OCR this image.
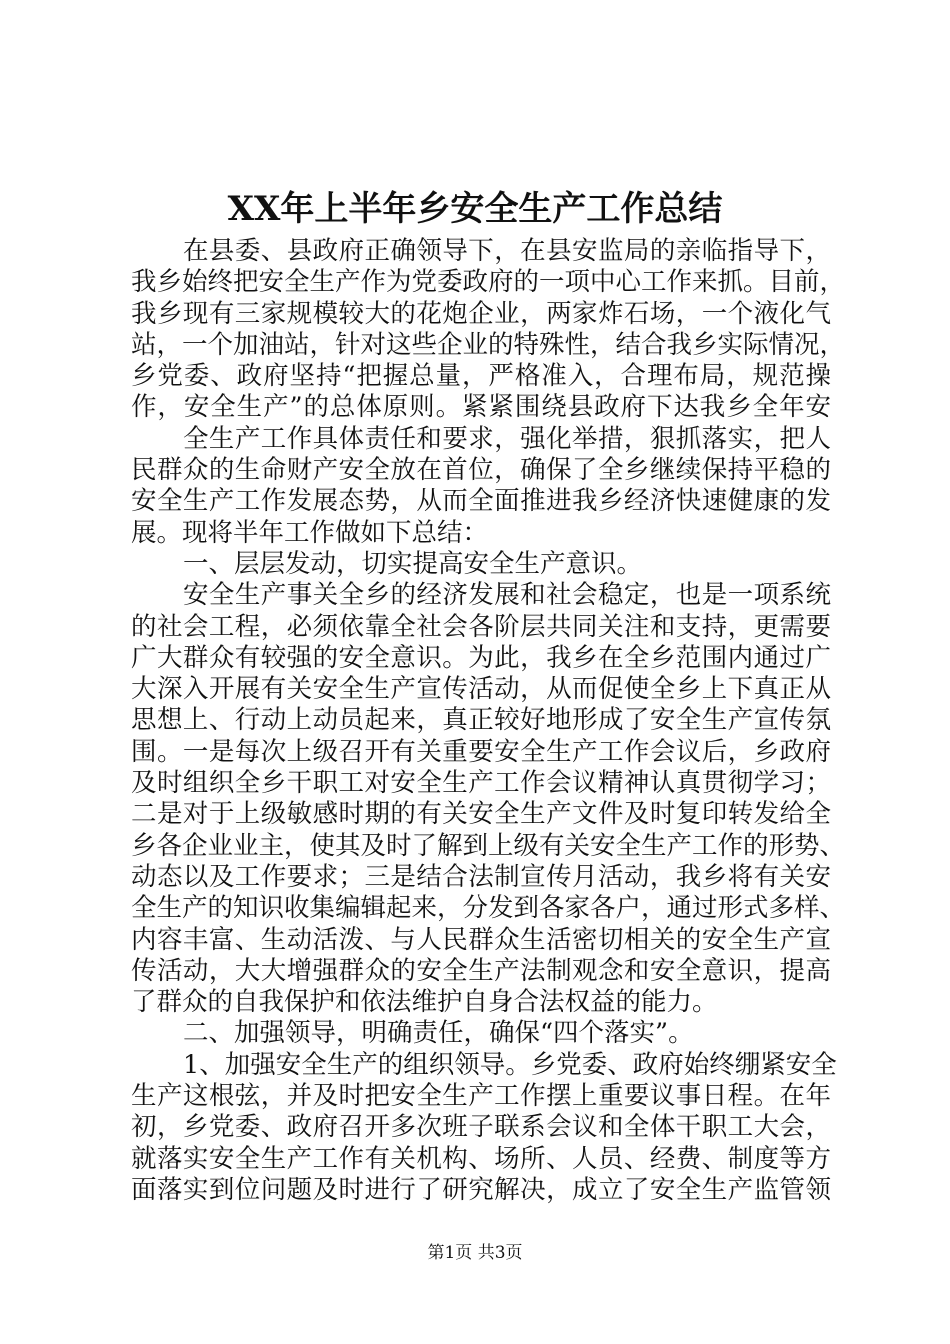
XX年上半年乡安全生产工作总结
在县委、县政府正确领导下，在县安监局的亲临指导下，
我乡始终把安全生产作为党委政府的一项中心工作来抓。目前，
我乡现有三家规模较大的花炮企业，两家炸石场，一个液化气
站，一个加油站，针对这些企业的特殊性，结合我乡实际情况，
乡党委、政府坚持“把握总量，严格准入，合理布局，规范操
作，安全生产”的总体原则。紧紧围绕县政府下达我乡全年安
全生产工作具体责任和要求，强化举措，狠抓落实，把人
民群众的生命财产安全放在首位，确保了全乡继续保持平稳的
安全生产工作发展态势，从而全面推进我乡经济快速健康的发
展。现将半年工作做如下总结：
一、层层发动，切实提高安全生产意识。
安全生产事关全乡的经济发展和社会稳定，也是一项系统
的社会工程，必须依靠全社会各阶层共同关注和支持，更需要
广大群众有较强的安全意识。为此，我乡在全乡范围内通过广
大深入开展有关安全生产宣传活动，从而促使全乡上下真正从
思想上、行动上动员起来，真正较好地形成了安全生产宣传氛
围。一是每次上级召开有关重要安全生产工作会议后，乡政府
及时组织全乡干职工对安全生产工作会议精神认真贯彻学习；
二是对于上级敏感时期的有关安全生产文件及时复印转发给全
乡各企业业主，使其及时了解到上级有关安全生产工作的形势、
动态以及工作要求；三是结合法制宣传月活动，我乡将有关安
全生产的知识收集编辑起来，分发到各家各户，通过形式多样、
内容丰富、生动活泼、与人民群众生活密切相关的安全生产宣
传活动，大大增强群众的安全生产法制观念和安全意识，提高
了群众的自我保护和依法维护自身合法权益的能力。
二、加强领导，明确责任，确保“四个落实”。
1、加强安全生产的组织领导。乡党委、政府始终绷紧安全
生产这根弦，并及时把安全生产工作摆上重要议事日程。在年
初，乡党委、政府召开多次班子联系会议和全体干职工大会，
就落实安全生产工作有关机构、场所、人员、经费、制度等方
面落实到位问题及时进行了研究解决，成立了安全生产监管领
第1页 共3页
